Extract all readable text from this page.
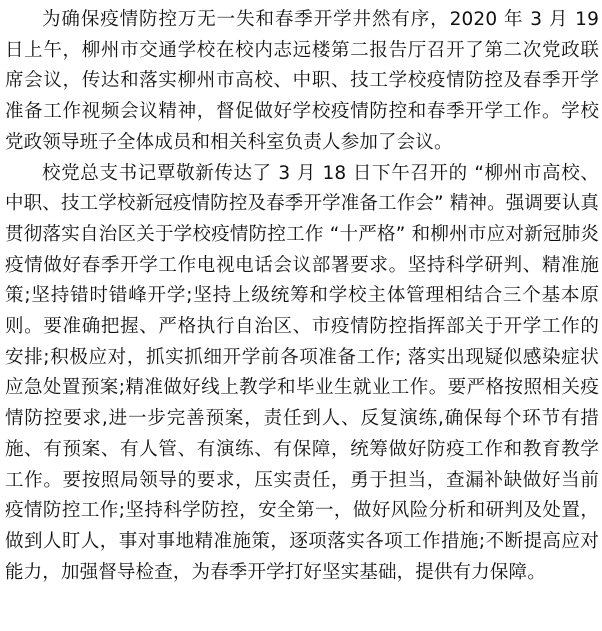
为确保疫情防控万无一失和春季开学井然有序，2020 年 3 月 19 日上午，柳州市交通学校在校内志远楼第二报告厅召开了第二次党政联席会议，传达和落实柳州市高校、中职、技工学校疫情防控及春季开学准备工作视频会议精神，督促做好学校疫情防控和春季开学工作。学校党政领导班子全体成员和相关科室负责人参加了会议。

校党总支书记覃敬新传达了 3 月 18 日下午召开的 “柳州市高校、中职、技工学校新冠疫情防控及春季开学准备工作会” 精神。强调要认真贯彻落实自治区关于学校疫情防控工作 “十严格” 和柳州市应对新冠肺炎疫情做好春季开学工作电视电话会议部署要求。坚持科学研判、精准施策;坚持错时错峰开学;坚持上级统筹和学校主体管理相结合三个基本原则。要准确把握、严格执行自治区、市疫情防控指挥部关于开学工作的安排;积极应对，抓实抓细开学前各项准备工作; 落实出现疑似感染症状应急处置预案;精准做好线上教学和毕业生就业工作。要严格按照相关疫情防控要求,进一步完善预案，责任到人、反复演练,确保每个环节有措施、有预案、有人管、有演练、有保障，统筹做好防疫工作和教育教学工作。要按照局领导的要求，压实责任，勇于担当，查漏补缺做好当前疫情防控工作;坚持科学防控，安全第一，做好风险分析和研判及处置，做到人盯人，事对事地精准施策，逐项落实各项工作措施;不断提高应对能力，加强督导检查，为春季开学打好坚实基础，提供有力保障。
